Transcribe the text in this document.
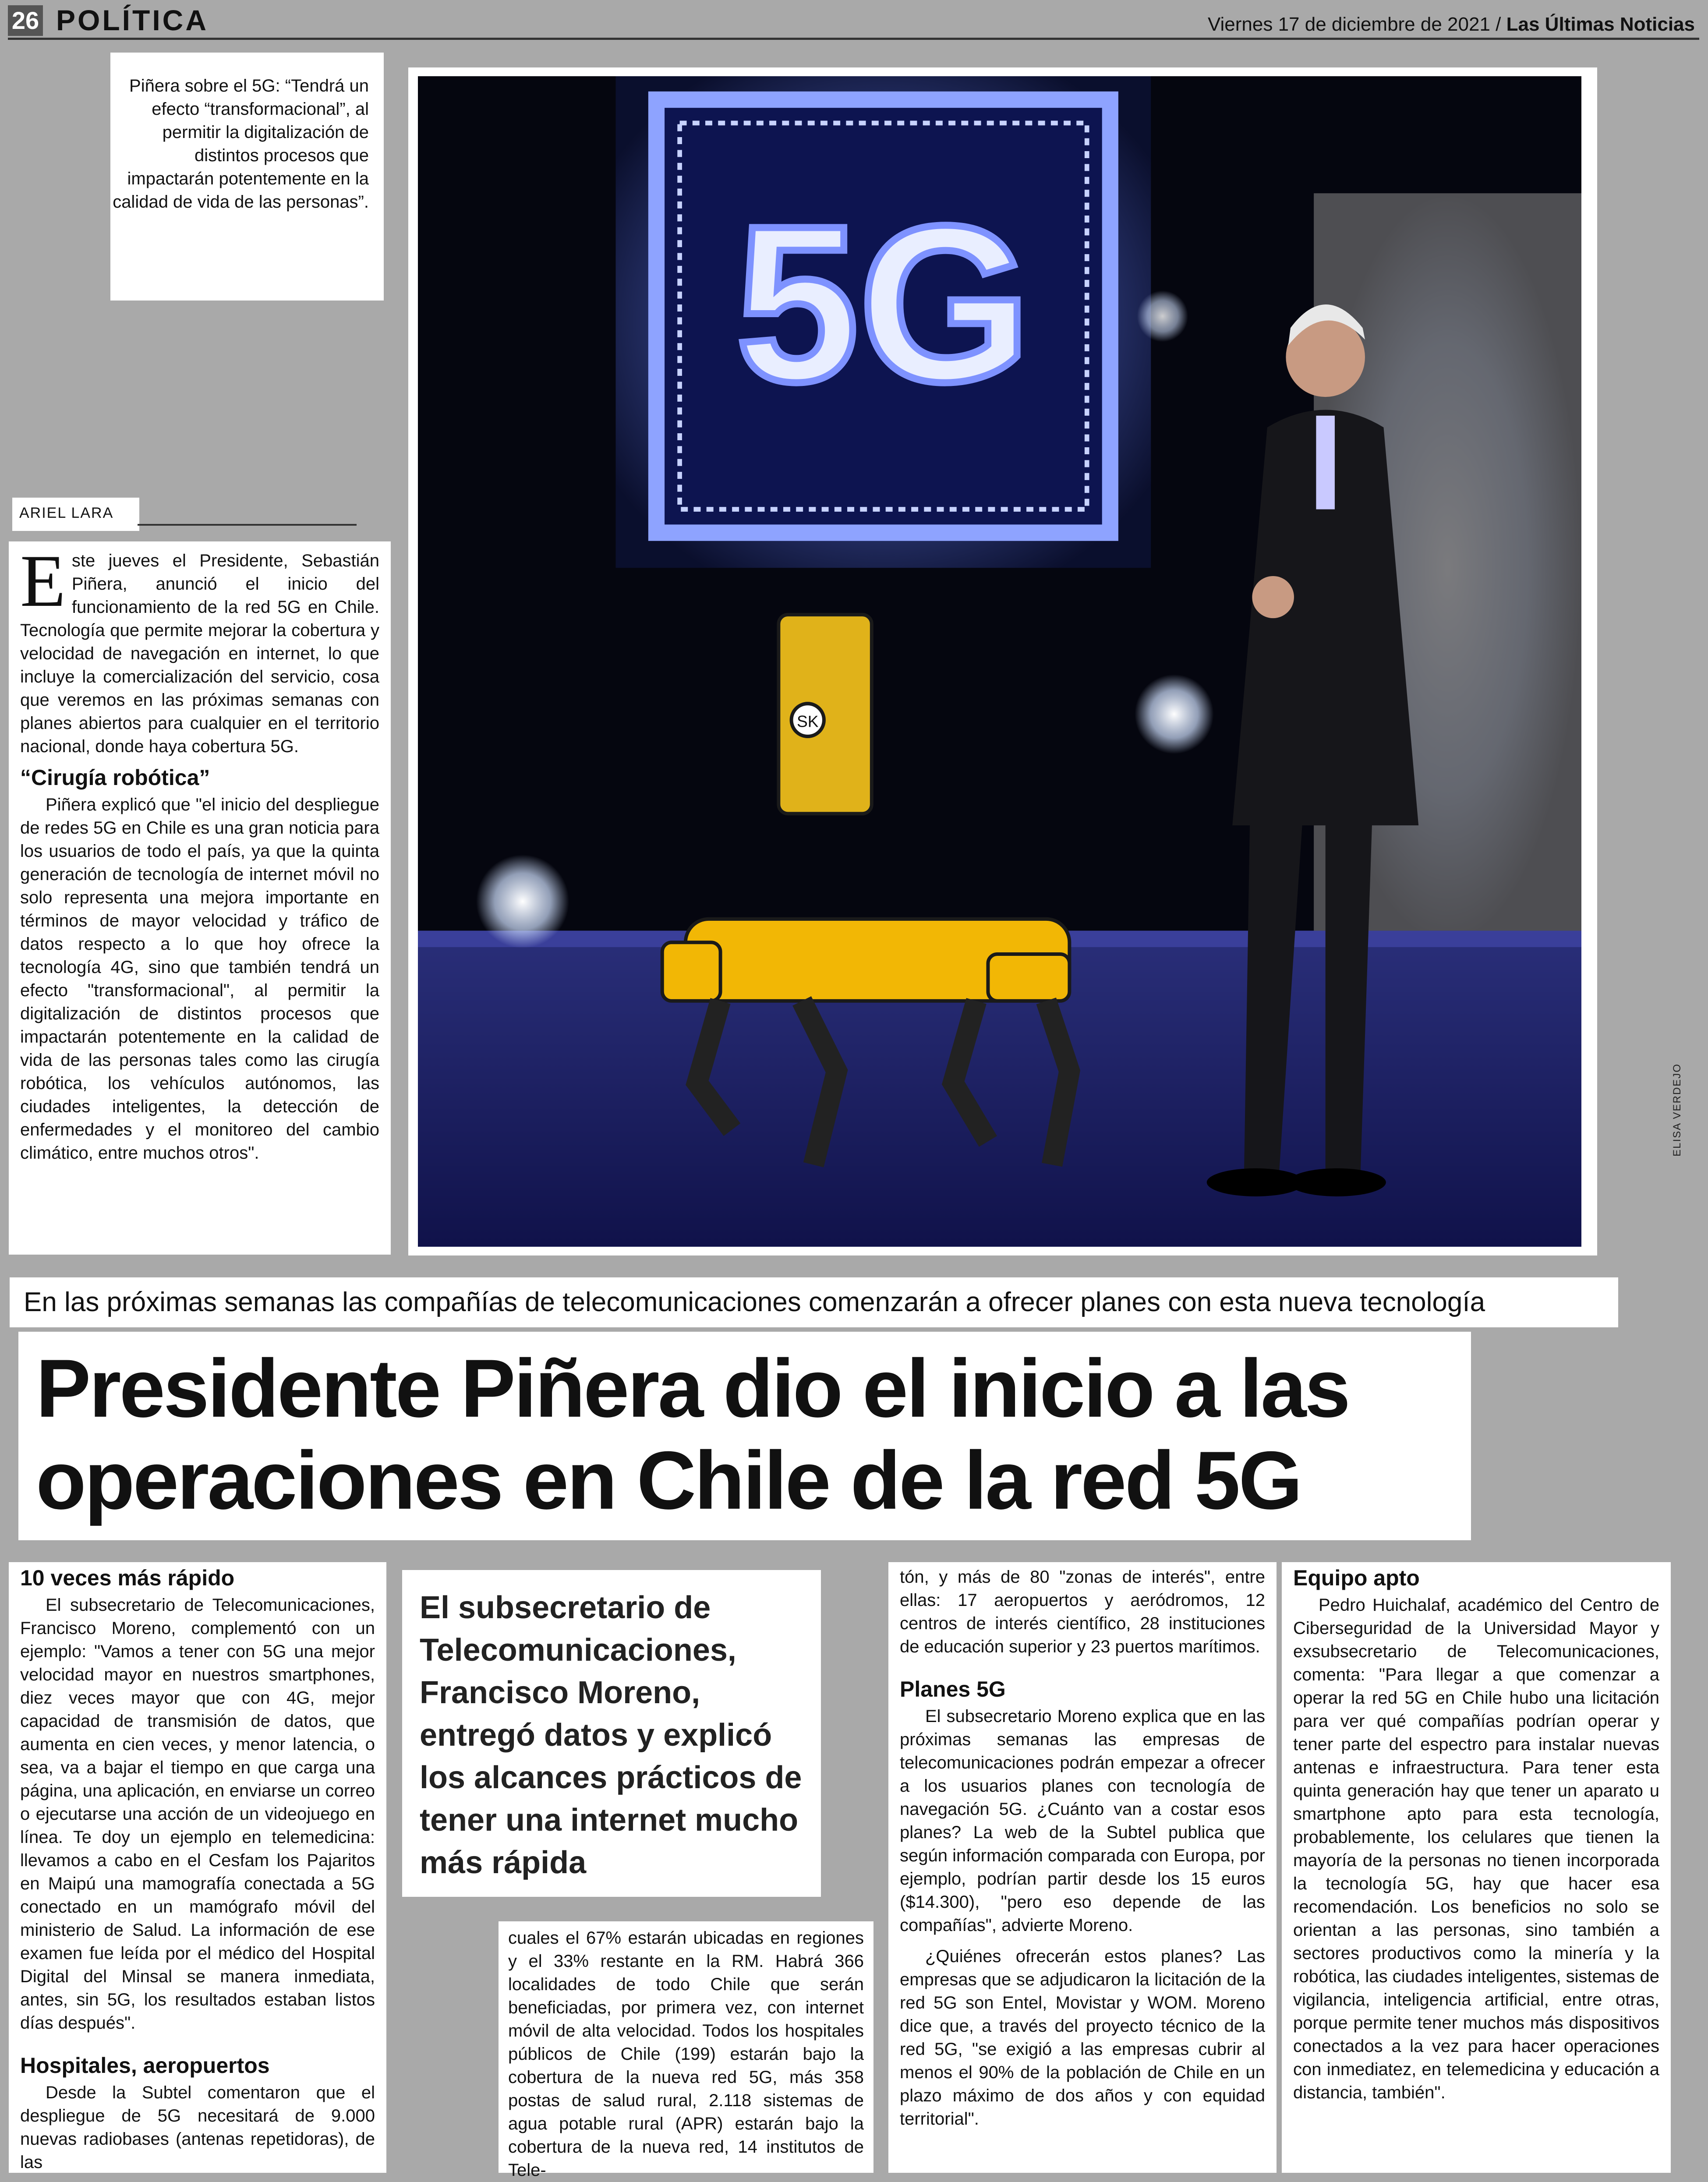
26 POLÍTICA	Viernes 17 de diciembre de 2021 / Las Últimas Noticias

Piñera sobre el 5G: “Tendrá un efecto “transformacional”, al permitir la digitalización de distintos procesos que impactarán potentemente en la calidad de vida de las personas”.	5G
SK
ELISA VERDEJO
ARIEL LARA

Este jueves el Presidente, Sebastián Piñera, anunció el inicio del funcionamiento de la red 5G en Chile. Tecnología que permite mejorar la cobertura y velocidad de navegación en internet, lo que incluye la comercialización del servicio, cosa que veremos en las próximas semanas con planes abiertos para cualquier en el territorio nacional, donde haya cobertura 5G.

“Cirugía robótica”

Piñera explicó que "el inicio del despliegue de redes 5G en Chile es una gran noticia para los usuarios de todo el país, ya que la quinta generación de tecnología de internet móvil no solo representa una mejora importante en términos de mayor velocidad y tráfico de datos respecto a lo que hoy ofrece la tecnología 4G, sino que también tendrá un efecto "transformacional", al permitir la digitalización de distintos procesos que impactarán potentemente en la calidad de vida de las personas tales como las cirugía robótica, los vehículos autónomos, las ciudades inteligentes, la detección de enfermedades y el monitoreo del cambio climático, entre muchos otros".

En las próximas semanas las compañías de telecomunicaciones comenzarán a ofrecer planes con esta nueva tecnología
Presidente Piñera dio el inicio a las operaciones en Chile de la red 5G
10 veces más rápido

El subsecretario de Telecomunicaciones, Francisco Moreno, complementó con un ejemplo: "Vamos a tener con 5G una mejor velocidad mayor en nuestros smartphones, diez veces mayor que con 4G, mejor capacidad de transmisión de datos, que aumenta en cien veces, y menor latencia, o sea, va a bajar el tiempo en que carga una página, una aplicación, en enviarse un correo o ejecutarse una acción de un videojuego en línea. Te doy un ejemplo en telemedicina: llevamos a cabo en el Cesfam los Pajaritos en Maipú una mamografía conectada a 5G conectado en un mamógrafo móvil del ministerio de Salud. La información de ese examen fue leída por el médico del Hospital Digital del Minsal se manera inmediata, antes, sin 5G, los resultados estaban listos días después".

Hospitales, aeropuertos

Desde la Subtel comentaron que el despliegue de 5G necesitará de 9.000 nuevas radiobases (antenas repetidoras), de las

El subsecretario de Telecomunicaciones, Francisco Moreno, entregó datos y explicó los alcances prácticos de tener una internet mucho más rápida

cuales el 67% estarán ubicadas en regiones y el 33% restante en la RM. Habrá 366 localidades de todo Chile que serán beneficiadas, por primera vez, con internet móvil de alta velocidad. Todos los hospitales públicos de Chile (199) estarán bajo la cobertura de la nueva red 5G, más 358 postas de salud rural, 2.118 sistemas de agua potable rural (APR) estarán bajo la cobertura de la nueva red, 14 institutos de Tele-

tón, y más de 80 "zonas de interés", entre ellas: 17 aeropuertos y aeródromos, 12 centros de interés científico, 28 instituciones de educación superior y 23 puertos marítimos.

Planes 5G

El subsecretario Moreno explica que en las próximas semanas las empresas de telecomunicaciones podrán empezar a ofrecer a los usuarios planes con tecnología de navegación 5G. ¿Cuánto van a costar esos planes? La web de la Subtel publica que según información comparada con Europa, por ejemplo, podrían partir desde los 15 euros ($14.300), "pero eso depende de las compañías", advierte Moreno.

¿Quiénes ofrecerán estos planes? Las empresas que se adjudicaron la licitación de la red 5G son Entel, Movistar y WOM. Moreno dice que, a través del proyecto técnico de la red 5G, "se exigió a las empresas cubrir al menos el 90% de la población de Chile en un plazo máximo de dos años y con equidad territorial".

Equipo apto

Pedro Huichalaf, académico del Centro de Ciberseguridad de la Universidad Mayor y exsubsecretario de Telecomunicaciones, comenta: "Para llegar a que comenzar a operar la red 5G en Chile hubo una licitación para ver qué compañías podrían operar y tener parte del espectro para instalar nuevas antenas e infraestructura. Para tener esta quinta generación hay que tener un aparato u smartphone apto para esta tecnología, probablemente, los celulares que tienen la mayoría de la personas no tienen incorporada la tecnología 5G, hay que hacer esa recomendación. Los beneficios no solo se orientan a las personas, sino también a sectores productivos como la minería y la robótica, las ciudades inteligentes, sistemas de vigilancia, inteligencia artificial, entre otras, porque permite tener muchos más dispositivos conectados a la vez para hacer operaciones con inmediatez, en telemedicina y educación a distancia, también".
